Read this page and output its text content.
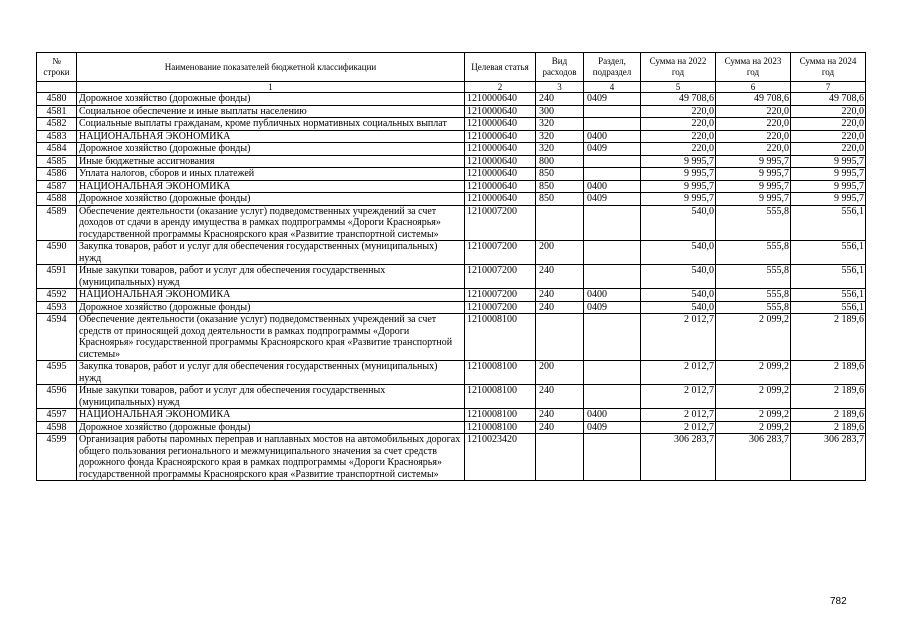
№ строки	Наименование показателей бюджетной классификации	Целевая статья	Вид расходов	Раздел, подраздел	Сумма на 2022 год	Сумма на 2023 год	Сумма на 2024 год
	1	2	3	4	5	6	7
4580	Дорожное хозяйство (дорожные фонды)	1210000640	240	0409	49 708,6	49 708,6	49 708,6
4581	Социальное обеспечение и иные выплаты населению	1210000640	300		220,0	220,0	220,0
4582	Социальные выплаты гражданам, кроме публичных нормативных социальных выплат	1210000640	320		220,0	220,0	220,0
4583	НАЦИОНАЛЬНАЯ ЭКОНОМИКА	1210000640	320	0400	220,0	220,0	220,0
4584	Дорожное хозяйство (дорожные фонды)	1210000640	320	0409	220,0	220,0	220,0
4585	Иные бюджетные ассигнования	1210000640	800		9 995,7	9 995,7	9 995,7
4586	Уплата налогов, сборов и иных платежей	1210000640	850		9 995,7	9 995,7	9 995,7
4587	НАЦИОНАЛЬНАЯ ЭКОНОМИКА	1210000640	850	0400	9 995,7	9 995,7	9 995,7
4588	Дорожное хозяйство (дорожные фонды)	1210000640	850	0409	9 995,7	9 995,7	9 995,7
4589	Обеспечение деятельности (оказание услуг) подведомственных учреждений за счет доходов от сдачи в аренду имущества в рамках подпрограммы «Дороги Красноярья» государственной программы Красноярского края «Развитие транспортной системы»	1210007200			540,0	555,8	556,1
4590	Закупка товаров, работ и услуг для обеспечения государственных (муниципальных) нужд	1210007200	200		540,0	555,8	556,1
4591	Иные закупки товаров, работ и услуг для обеспечения государственных (муниципальных) нужд	1210007200	240		540,0	555,8	556,1
4592	НАЦИОНАЛЬНАЯ ЭКОНОМИКА	1210007200	240	0400	540,0	555,8	556,1
4593	Дорожное хозяйство (дорожные фонды)	1210007200	240	0409	540,0	555,8	556,1
4594	Обеспечение деятельности (оказание услуг) подведомственных учреждений за счет средств от приносящей доход деятельности в рамках подпрограммы «Дороги Красноярья» государственной программы Красноярского края «Развитие транспортной системы»	1210008100			2 012,7	2 099,2	2 189,6
4595	Закупка товаров, работ и услуг для обеспечения государственных (муниципальных) нужд	1210008100	200		2 012,7	2 099,2	2 189,6
4596	Иные закупки товаров, работ и услуг для обеспечения государственных (муниципальных) нужд	1210008100	240		2 012,7	2 099,2	2 189,6
4597	НАЦИОНАЛЬНАЯ ЭКОНОМИКА	1210008100	240	0400	2 012,7	2 099,2	2 189,6
4598	Дорожное хозяйство (дорожные фонды)	1210008100	240	0409	2 012,7	2 099,2	2 189,6
4599	Организация работы паромных переправ и наплавных мостов на автомобильных дорогах общего пользования регионального и межмуниципального значения за счет средств дорожного фонда Красноярского края в рамках подпрограммы «Дороги Красноярья» государственной программы Красноярского края «Развитие транспортной системы»	1210023420			306 283,7	306 283,7	306 283,7
782
